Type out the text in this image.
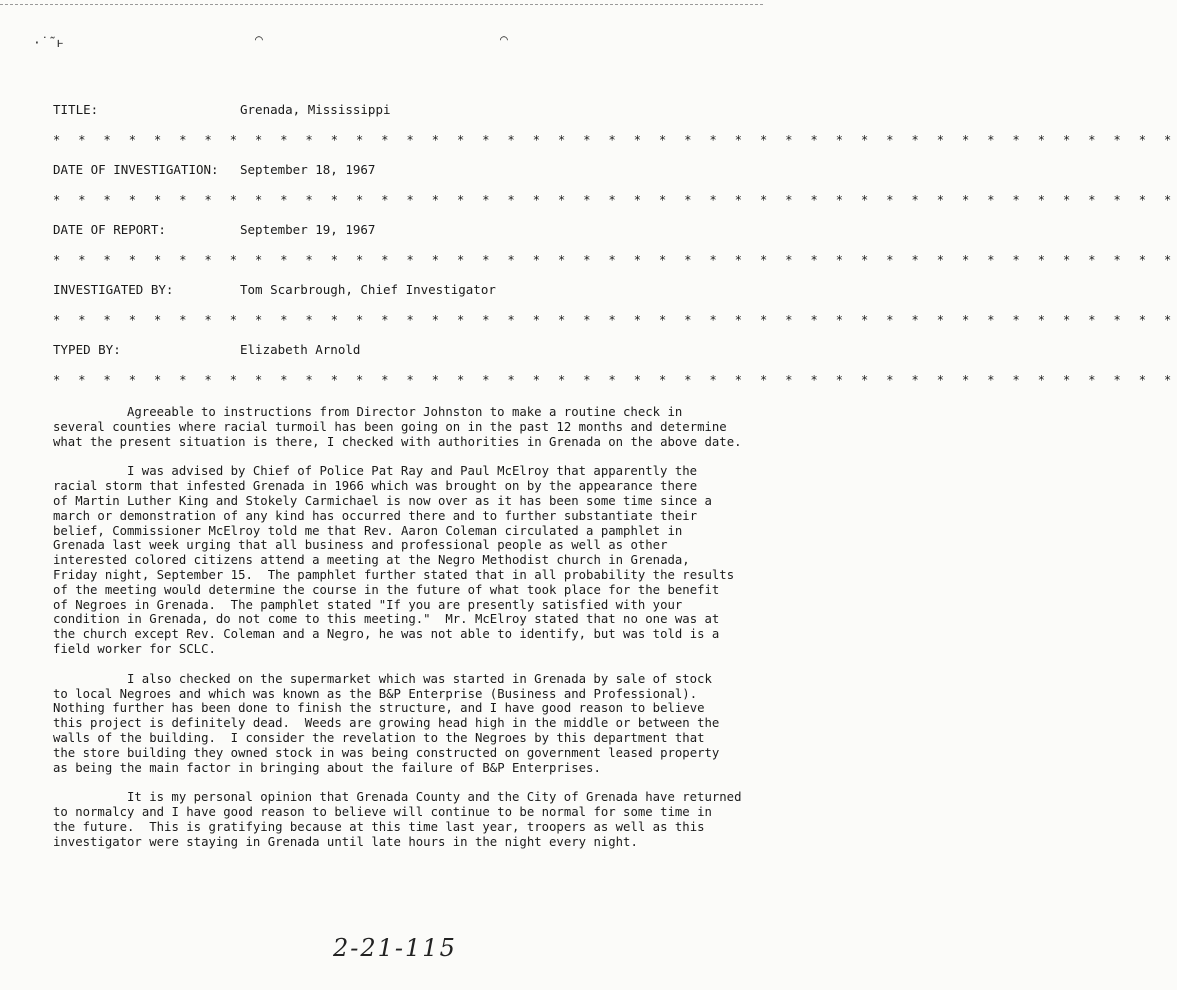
·˙˜ͱ	⌒	⌒
TITLE:	Grenada, Mississippi
* * * * * * * * * * * * * * * * * * * * * * * * * * * * * * * * * * * * * * * * * * * * *
DATE OF INVESTIGATION: September 18, 1967
* * * * * * * * * * * * * * * * * * * * * * * * * * * * * * * * * * * * * * * * * * * * *
DATE OF REPORT:	September 19, 1967
* * * * * * * * * * * * * * * * * * * * * * * * * * * * * * * * * * * * * * * * * * * * *
INVESTIGATED BY:	Tom Scarbrough, Chief Investigator
* * * * * * * * * * * * * * * * * * * * * * * * * * * * * * * * * * * * * * * * * * * * *
TYPED BY:	Elizabeth Arnold
* * * * * * * * * * * * * * * * * * * * * * * * * * * * * * * * * * * * * * * * * * * * *

Agreeable to instructions from Director Johnston to make a routine check in
several counties where racial turmoil has been going on in the past 12 months and determine
what the present situation is there, I checked with authorities in Grenada on the above date.

I was advised by Chief of Police Pat Ray and Paul McElroy that apparently the
racial storm that infested Grenada in 1966 which was brought on by the appearance there
of Martin Luther King and Stokely Carmichael is now over as it has been some time since a
march or demonstration of any kind has occurred there and to further substantiate their
belief, Commissioner McElroy told me that Rev. Aaron Coleman circulated a pamphlet in
Grenada last week urging that all business and professional people as well as other
interested colored citizens attend a meeting at the Negro Methodist church in Grenada,
Friday night, September 15.  The pamphlet further stated that in all probability the results
of the meeting would determine the course in the future of what took place for the benefit
of Negroes in Grenada.  The pamphlet stated "If you are presently satisfied with your
condition in Grenada, do not come to this meeting."  Mr. McElroy stated that no one was at
the church except Rev. Coleman and a Negro, he was not able to identify, but was told is a
field worker for SCLC.

I also checked on the supermarket which was started in Grenada by sale of stock
to local Negroes and which was known as the B&P Enterprise (Business and Professional).
Nothing further has been done to finish the structure, and I have good reason to believe
this project is definitely dead.  Weeds are growing head high in the middle or between the
walls of the building.  I consider the revelation to the Negroes by this department that
the store building they owned stock in was being constructed on government leased property
as being the main factor in bringing about the failure of B&P Enterprises.

It is my personal opinion that Grenada County and the City of Grenada have returned
to normalcy and I have good reason to believe will continue to be normal for some time in
the future.  This is gratifying because at this time last year, troopers as well as this
investigator were staying in Grenada until late hours in the night every night.

2-21-115
